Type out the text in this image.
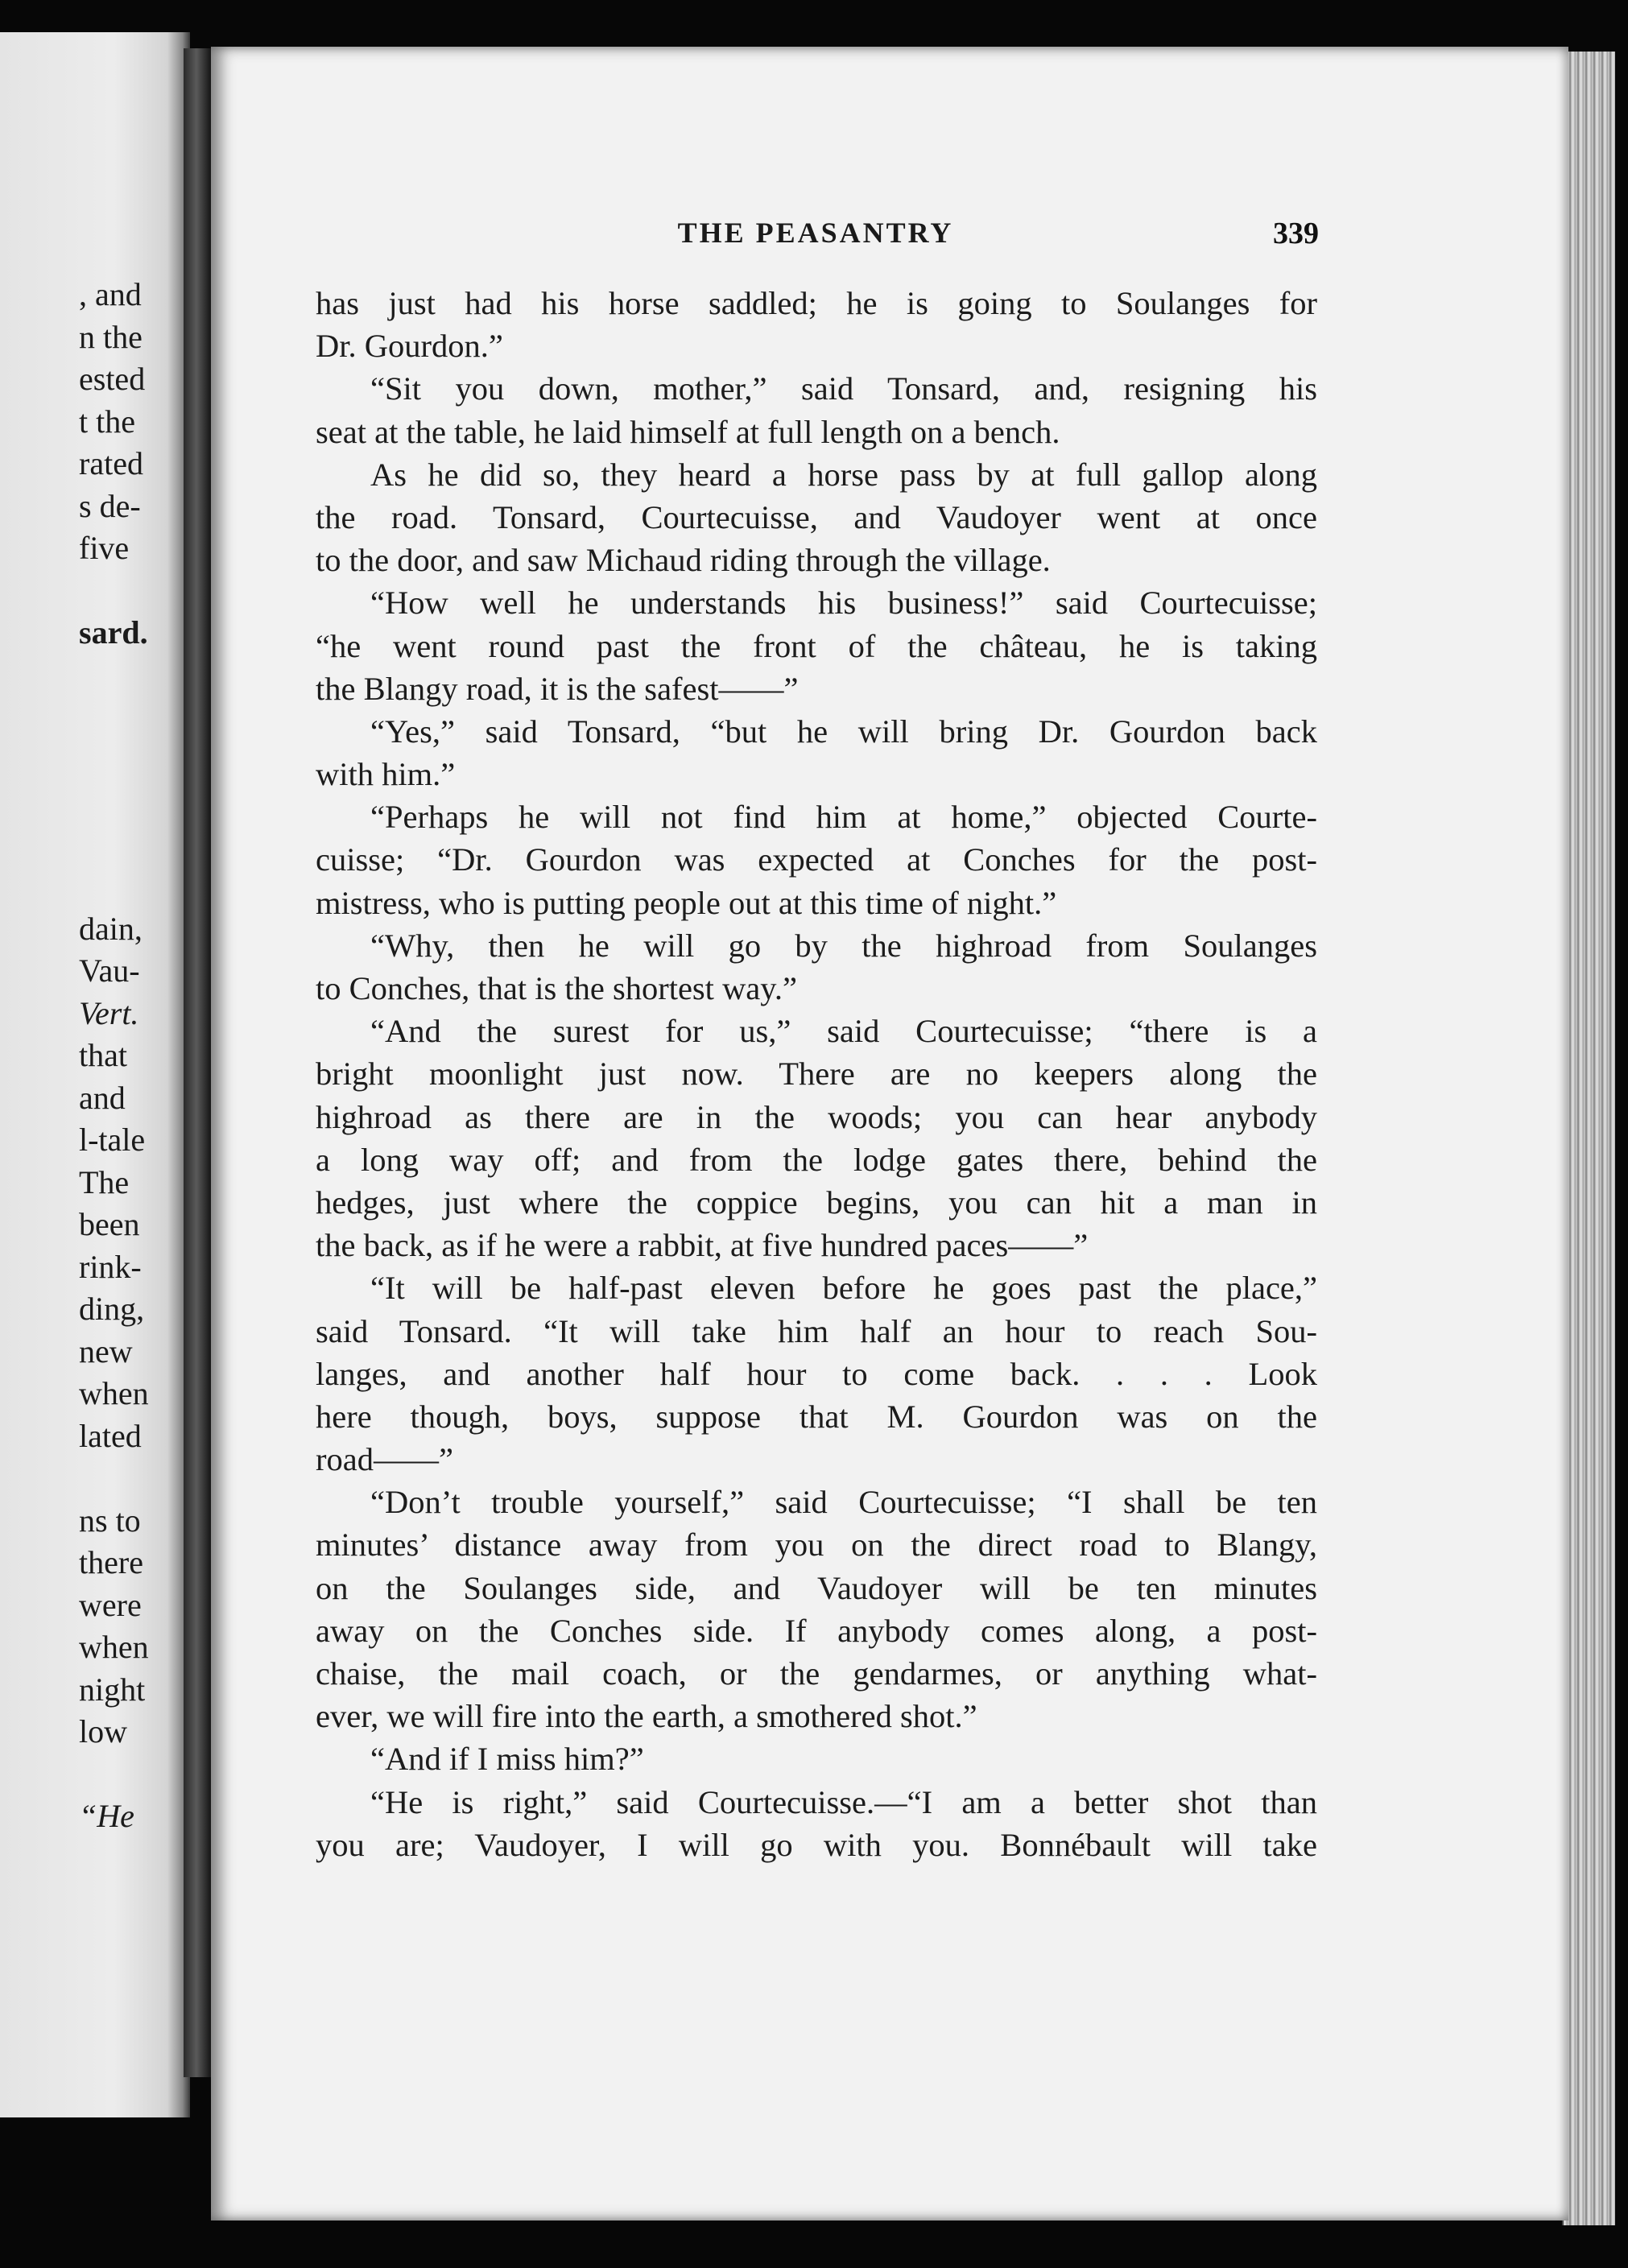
, and
n the
ested
t the
rated
s de-
five
sard.
dain,
Vau-
Vert.
that
and
l-tale
The
been
rink-
ding,
new
when
lated
ns to
there
were
when
night
low
“He
THE PEASANTRY	339
has just had his horse saddled; he is going to Soulanges for
Dr. Gourdon.”
“Sit you down, mother,” said Tonsard, and, resigning his
seat at the table, he laid himself at full length on a bench.
As he did so, they heard a horse pass by at full gallop along
the road. Tonsard, Courtecuisse, and Vaudoyer went at once
to the door, and saw Michaud riding through the village.
“How well he understands his business!” said Courtecuisse;
“he went round past the front of the château, he is taking
the Blangy road, it is the safest——”
“Yes,” said Tonsard, “but he will bring Dr. Gourdon back
with him.”
“Perhaps he will not find him at home,” objected Courte-
cuisse; “Dr. Gourdon was expected at Conches for the post-
mistress, who is putting people out at this time of night.”
“Why, then he will go by the highroad from Soulanges
to Conches, that is the shortest way.”
“And the surest for us,” said Courtecuisse; “there is a
bright moonlight just now. There are no keepers along the
highroad as there are in the woods; you can hear anybody
a long way off; and from the lodge gates there, behind the
hedges, just where the coppice begins, you can hit a man in
the back, as if he were a rabbit, at five hundred paces——”
“It will be half-past eleven before he goes past the place,”
said Tonsard. “It will take him half an hour to reach Sou-
langes, and another half hour to come back. . . . Look
here though, boys, suppose that M. Gourdon was on the
road——”
“Don’t trouble yourself,” said Courtecuisse; “I shall be ten
minutes’ distance away from you on the direct road to Blangy,
on the Soulanges side, and Vaudoyer will be ten minutes
away on the Conches side. If anybody comes along, a post-
chaise, the mail coach, or the gendarmes, or anything what-
ever, we will fire into the earth, a smothered shot.”
“And if I miss him?”
“He is right,” said Courtecuisse.—“I am a better shot than
you are; Vaudoyer, I will go with you. Bonnébault will take
